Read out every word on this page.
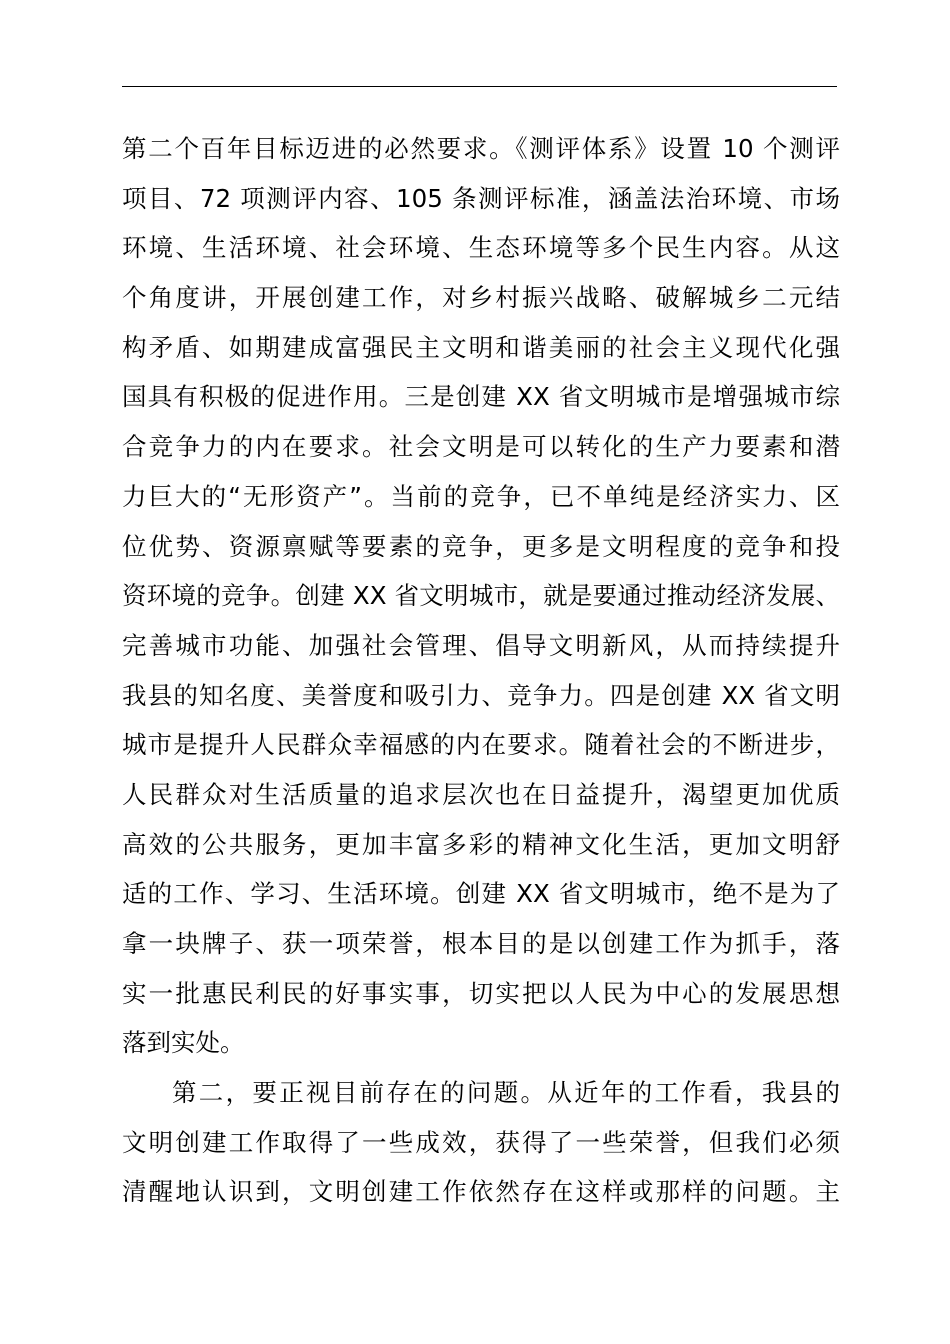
第二个百年目标迈进的必然要求。《测评体系》设置 10 个测评
项目、72 项测评内容、105 条测评标准，涵盖法治环境、市场
环境、生活环境、社会环境、生态环境等多个民生内容。从这
个角度讲，开展创建工作，对乡村振兴战略、破解城乡二元结
构矛盾、如期建成富强民主文明和谐美丽的社会主义现代化强
国具有积极的促进作用。三是创建 XX 省文明城市是增强城市综
合竞争力的内在要求。社会文明是可以转化的生产力要素和潜
力巨大的“无形资产”。当前的竞争，已不单纯是经济实力、区
位优势、资源禀赋等要素的竞争，更多是文明程度的竞争和投
资环境的竞争。创建 XX 省文明城市，就是要通过推动经济发展、
完善城市功能、加强社会管理、倡导文明新风，从而持续提升
我县的知名度、美誉度和吸引力、竞争力。四是创建 XX 省文明
城市是提升人民群众幸福感的内在要求。随着社会的不断进步，
人民群众对生活质量的追求层次也在日益提升，渴望更加优质
高效的公共服务，更加丰富多彩的精神文化生活，更加文明舒
适的工作、学习、生活环境。创建 XX 省文明城市，绝不是为了
拿一块牌子、获一项荣誉，根本目的是以创建工作为抓手，落
实一批惠民利民的好事实事，切实把以人民为中心的发展思想
落到实处。
第二，要正视目前存在的问题。从近年的工作看，我县的
文明创建工作取得了一些成效，获得了一些荣誉，但我们必须
清醒地认识到，文明创建工作依然存在这样或那样的问题。主
